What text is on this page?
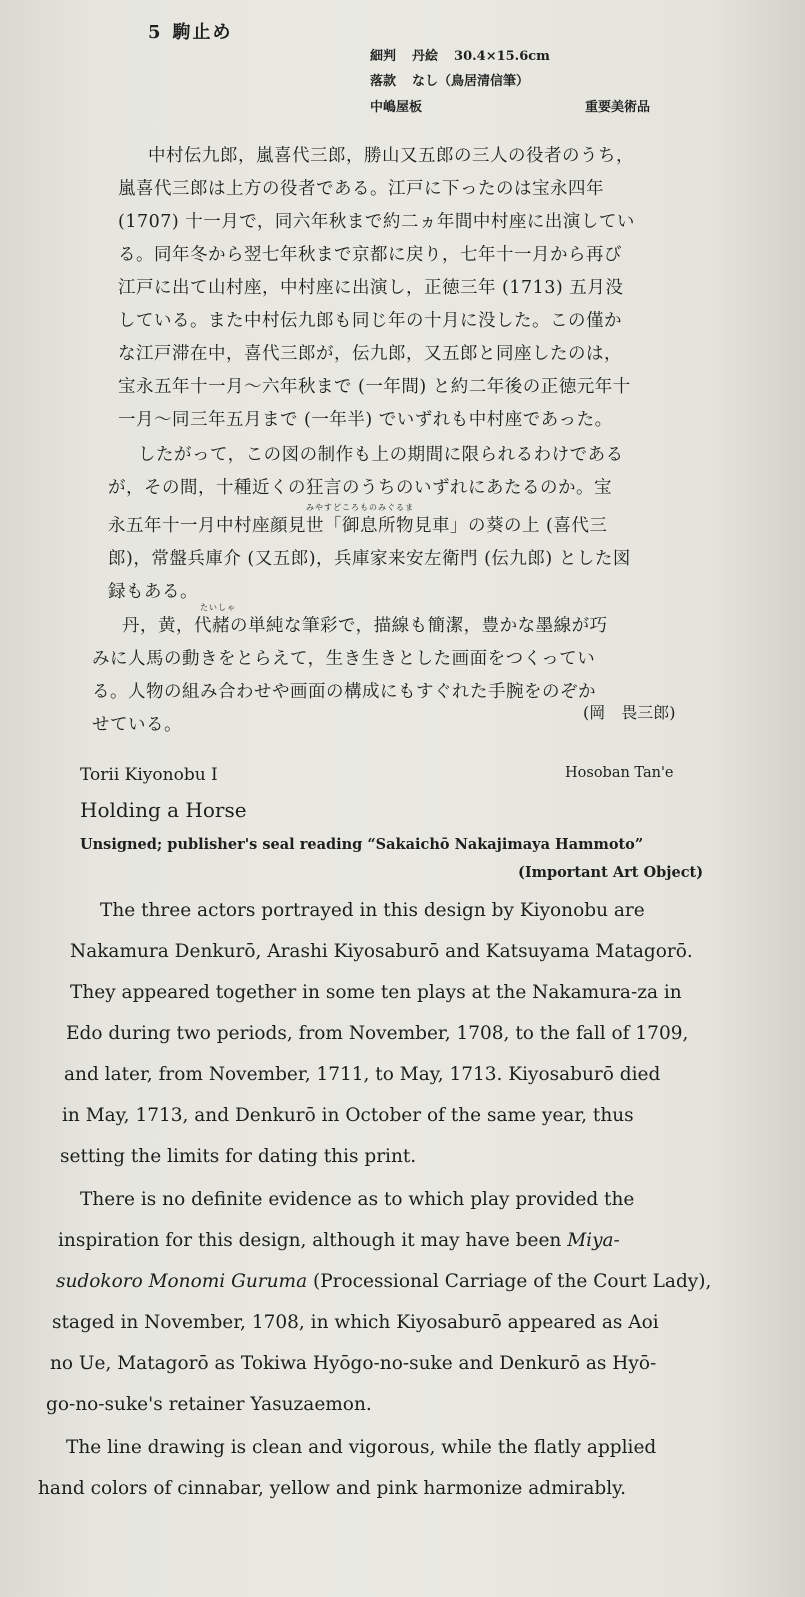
5 駒止め
細判 丹絵 30.4×15.6cm
落款 なし（鳥居清信筆）
中嶋屋板	重要美術品
中村伝九郎，嵐喜代三郎，勝山又五郎の三人の役者のうち，
嵐喜代三郎は上方の役者である。江戸に下ったのは宝永四年
(1707) 十一月で，同六年秋まで約二ヵ年間中村座に出演してい
る。同年冬から翌七年秋まで京都に戻り，七年十一月から再び
江戸に出て山村座，中村座に出演し，正徳三年 (1713) 五月没
している。また中村伝九郎も同じ年の十月に没した。この僅か
な江戸滞在中，喜代三郎が，伝九郎，又五郎と同座したのは，
宝永五年十一月～六年秋まで (一年間) と約二年後の正徳元年十
一月～同三年五月まで (一年半) でいずれも中村座であった。
したがって，この図の制作も上の期間に限られるわけである
が，その間，十種近くの狂言のうちのいずれにあたるのか。宝
みやすどころものみぐるま
永五年十一月中村座顔見世「御息所物見車」の葵の上 (喜代三
郎)，常盤兵庫介 (又五郎)，兵庫家来安左衛門 (伝九郎) とした図
録もある。
たいしゃ
丹，黄，代赭の単純な筆彩で，描線も簡潔，豊かな墨線が巧
みに人馬の動きをとらえて，生き生きとした画面をつくってい
る。人物の組み合わせや画面の構成にもすぐれた手腕をのぞか
せている。
(岡　畏三郎)
Torii Kiyonobu I	Hosoban Tan'e
Holding a Horse
Unsigned; publisher's seal reading “Sakaichō Nakajimaya Hammoto”
(Important Art Object)
The three actors portrayed in this design by Kiyonobu are
Nakamura Denkurō, Arashi Kiyosaburō and Katsuyama Matagorō.
They appeared together in some ten plays at the Nakamura-za in
Edo during two periods, from November, 1708, to the fall of 1709,
and later, from November, 1711, to May, 1713. Kiyosaburō died
in May, 1713, and Denkurō in October of the same year, thus
setting the limits for dating this print.
There is no definite evidence as to which play provided the
inspiration for this design, although it may have been Miya-
sudokoro Monomi Guruma (Processional Carriage of the Court Lady),
staged in November, 1708, in which Kiyosaburō appeared as Aoi
no Ue, Matagorō as Tokiwa Hyōgo-no-suke and Denkurō as Hyō-
go-no-suke's retainer Yasuzaemon.
The line drawing is clean and vigorous, while the flatly applied
hand colors of cinnabar, yellow and pink harmonize admirably.
